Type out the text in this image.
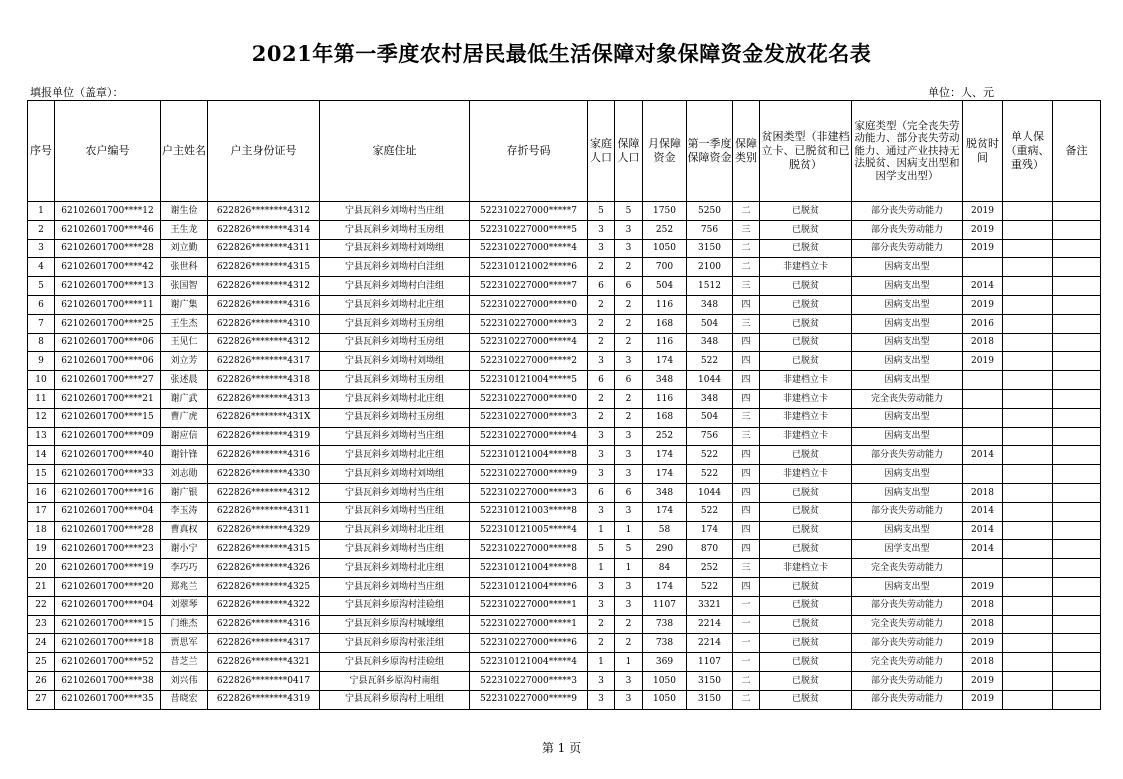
2021年第一季度农村居民最低生活保障对象保障资金发放花名表
填报单位（盖章）：	单位：人、元
序号	农户编号	户主姓名	户主身份证号	家庭住址	存折号码	家庭人口	保障人口	月保障资金	第一季度保障资金	保障类别	贫困类型（非建档立卡、已脱贫和已脱贫）	家庭类型（完全丧失劳动能力、部分丧失劳动能力、通过产业扶持无法脱贫、因病支出型和因学支出型）	脱贫时间	单人保（重病、重残）	备注
1	62102601700****12	谢生俭	622826********4312	宁县瓦斜乡刘坳村当庄组	522310227000*****7	5	5	1750	5250	二	已脱贫	部分丧失劳动能力	2019		
2	62102601700****46	王生龙	622826********4314	宁县瓦斜乡刘坳村玉房组	522310227000*****5	3	3	252	756	三	已脱贫	部分丧失劳动能力	2019		
3	62102601700****28	刘立勤	622826********4311	宁县瓦斜乡刘坳村刘坳组	522310227000*****4	3	3	1050	3150	二	已脱贫	部分丧失劳动能力	2019		
4	62102601700****42	张世科	622826********4315	宁县瓦斜乡刘坳村白洼组	522310121002*****6	2	2	700	2100	二	非建档立卡	因病支出型			
5	62102601700****13	张国智	622826********4312	宁县瓦斜乡刘坳村白洼组	522310227000*****7	6	6	504	1512	三	已脱贫	因病支出型	2014		
6	62102601700****11	谢广集	622826********4316	宁县瓦斜乡刘坳村北庄组	522310227000*****0	2	2	116	348	四	已脱贫	因病支出型	2019		
7	62102601700****25	王生杰	622826********4310	宁县瓦斜乡刘坳村玉房组	522310227000*****3	2	2	168	504	三	已脱贫	因病支出型	2016		
8	62102601700****06	王见仁	622826********4312	宁县瓦斜乡刘坳村玉房组	522310227000*****4	2	2	116	348	四	已脱贫	因病支出型	2018		
9	62102601700****06	刘立芳	622826********4317	宁县瓦斜乡刘坳村刘坳组	522310227000*****2	3	3	174	522	四	已脱贫	因病支出型	2019		
10	62102601700****27	张述晨	622826********4318	宁县瓦斜乡刘坳村玉房组	522310121004*****5	6	6	348	1044	四	非建档立卡	因病支出型			
11	62102601700****21	谢广武	622826********4313	宁县瓦斜乡刘坳村北庄组	522310227000*****0	2	2	116	348	四	非建档立卡	完全丧失劳动能力			
12	62102601700****15	曹广虎	622826********431X	宁县瓦斜乡刘坳村玉房组	522310227000*****3	2	2	168	504	三	非建档立卡	因病支出型			
13	62102601700****09	谢应信	622826********4319	宁县瓦斜乡刘坳村当庄组	522310227000*****4	3	3	252	756	三	非建档立卡	因病支出型			
14	62102601700****40	谢针锋	622826********4316	宁县瓦斜乡刘坳村北庄组	522310121004*****8	3	3	174	522	四	已脱贫	部分丧失劳动能力	2014		
15	62102601700****33	刘志勋	622826********4330	宁县瓦斜乡刘坳村刘坳组	522310227000*****9	3	3	174	522	四	非建档立卡	因病支出型			
16	62102601700****16	谢广银	622826********4312	宁县瓦斜乡刘坳村当庄组	522310227000*****3	6	6	348	1044	四	已脱贫	因病支出型	2018		
17	62102601700****04	李玉涛	622826********4311	宁县瓦斜乡刘坳村当庄组	522310121003*****8	3	3	174	522	四	已脱贫	部分丧失劳动能力	2014		
18	62102601700****28	曹真权	622826********4329	宁县瓦斜乡刘坳村北庄组	522310121005*****4	1	1	58	174	四	已脱贫	因病支出型	2014		
19	62102601700****23	谢小宁	622826********4315	宁县瓦斜乡刘坳村当庄组	522310227000*****8	5	5	290	870	四	已脱贫	因学支出型	2014		
20	62102601700****19	李巧巧	622826********4326	宁县瓦斜乡刘坳村北庄组	522310121004*****8	1	1	84	252	三	非建档立卡	完全丧失劳动能力			
21	62102601700****20	郑兆兰	622826********4325	宁县瓦斜乡刘坳村当庄组	522310121004*****6	3	3	174	522	四	已脱贫	因病支出型	2019		
22	62102601700****04	刘翠琴	622826********4322	宁县瓦斜乡原沟村洼硷组	522310227000*****1	3	3	1107	3321	一	已脱贫	部分丧失劳动能力	2018		
23	62102601700****15	门维杰	622826********4316	宁县瓦斜乡原沟村城壕组	522310227000*****1	2	2	738	2214	一	已脱贫	完全丧失劳动能力	2018		
24	62102601700****18	贾思军	622826********4317	宁县瓦斜乡原沟村张洼组	522310227000*****6	2	2	738	2214	一	已脱贫	部分丧失劳动能力	2019		
25	62102601700****52	昔芝兰	622826********4321	宁县瓦斜乡原沟村洼硷组	522310121004*****4	1	1	369	1107	一	已脱贫	完全丧失劳动能力	2018		
26	62102601700****38	刘兴伟	622826********0417	宁县瓦斜乡原沟村南组	522310227000*****3	3	3	1050	3150	二	已脱贫	部分丧失劳动能力	2019		
27	62102601700****35	昔晓宏	622826********4319	宁县瓦斜乡原沟村上咀组	522310227000*****9	3	3	1050	3150	二	已脱贫	部分丧失劳动能力	2019		
第 1 页
